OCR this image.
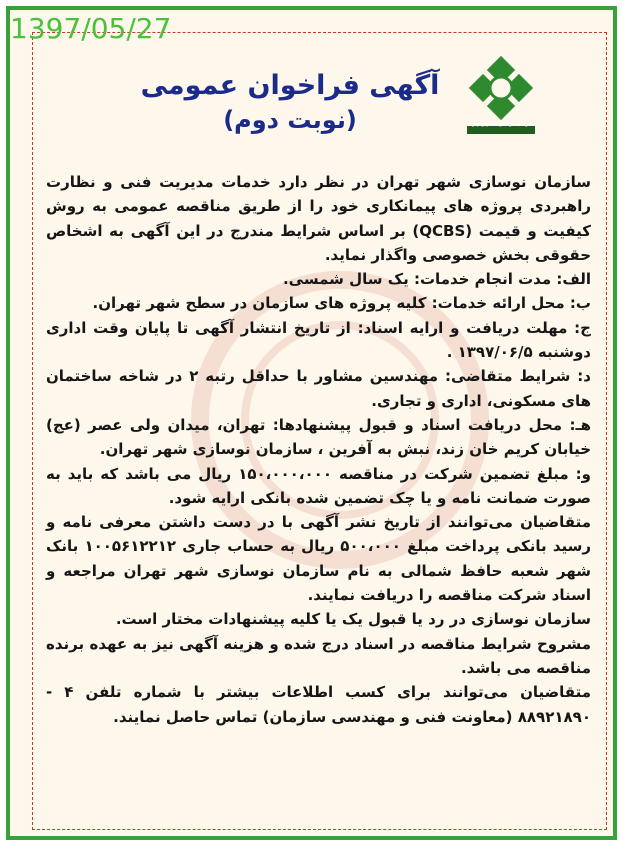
سازمان نوسازی شهر تهران
آگهی فراخوان عمومی
(نوبت دوم)

سازمان نوسازی شهر تهران در نظر دارد خدمات مدیریت فنی و نظارت راهبردی پروژه های پیمانکاری خود را از طریق مناقصه عمومی به روش کیفیت و قیمت (QCBS) بر اساس شرایط مندرج در این آگهی به اشخاص حقوقی بخش خصوصی واگذار نماید.

الف: مدت انجام خدمات: یک سال شمسی.

ب: محل ارائه خدمات: کلیه پروژه های سازمان در سطح شهر تهران.

ج: مهلت دریافت و ارایه اسناد: از تاریخ انتشار آگهی تا پایان وقت اداری دوشنبه ۱۳۹۷/۰۶/۵ .

د: شرایط متقاضی: مهندسین مشاور با حداقل رتبه ۲ در شاخه ساختمان های مسکونی، اداری و تجاری.

هـ: محل دریافت اسناد و قبول پیشنهادها: تهران، میدان ولی عصر (عج) خیابان کریم خان زند، نبش به آفرین ، سازمان نوسازی شهر تهران.

و: مبلغ تضمین شرکت در مناقصه ۱۵۰،۰۰۰،۰۰۰ ریال می باشد که باید به صورت ضمانت نامه و یا چک تضمین شده بانکی ارایه شود.

متقاضیان می‌توانند از تاریخ نشر آگهی با در دست داشتن معرفی نامه و رسید بانکی پرداخت مبلغ ۵۰۰،۰۰۰ ریال به حساب جاری ۱۰۰۵۶۱۲۲۱۲ بانک شهر شعبه حافظ شمالی به نام سازمان نوسازی شهر تهران مراجعه و اسناد شرکت مناقصه را دریافت نمایند.

سازمان نوسازی در رد یا قبول یک یا کلیه پیشنهادات مختار است.

مشروح شرایط مناقصه در اسناد درج شده و هزینه آگهی نیز به عهده برنده مناقصه می باشد.

متقاضیان می‌توانند برای کسب اطلاعات بیشتر با شماره تلفن ۴ - ۸۸۹۲۱۸۹۰ (معاونت فنی و مهندسی سازمان) تماس حاصل نمایند.

1397/05/27
